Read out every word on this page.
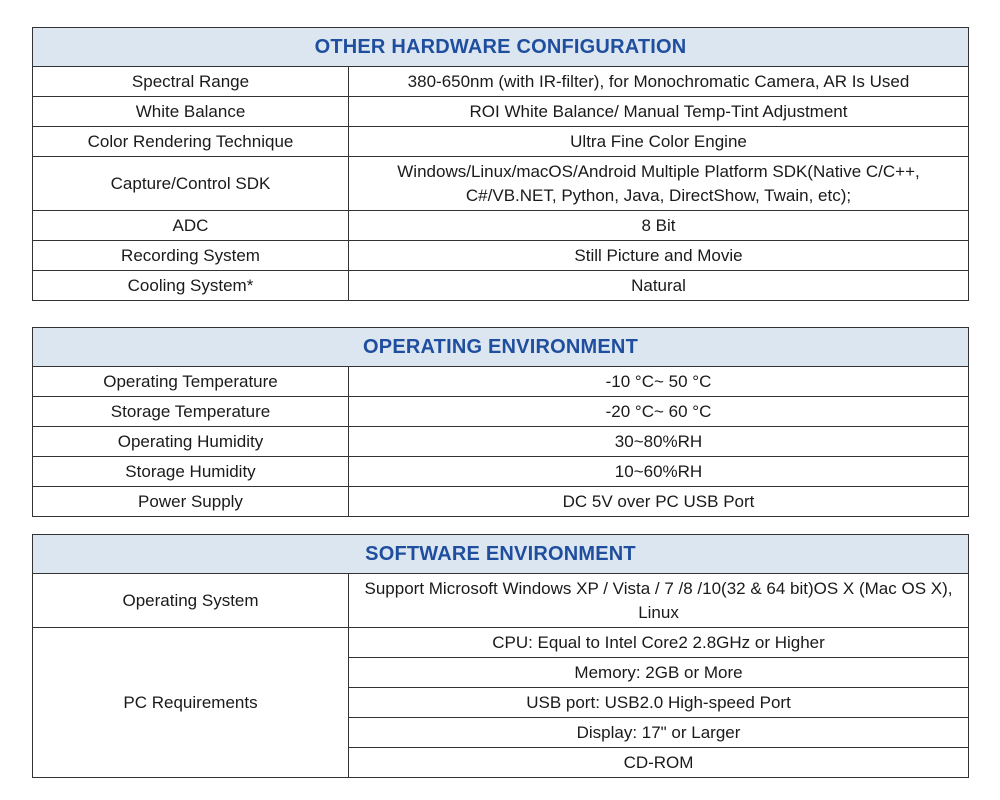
OTHER HARDWARE CONFIGURATION	
Spectral Range	380-650nm (with IR-filter), for Monochromatic Camera, AR Is Used
White Balance	ROI White Balance/ Manual Temp-Tint Adjustment
Color Rendering Technique	Ultra Fine Color Engine
Capture/Control SDK	Windows/Linux/macOS/Android Multiple Platform SDK(Native C/C++, C#/VB.NET, Python, Java, DirectShow, Twain, etc);
ADC	8 Bit
Recording System	Still Picture and Movie
Cooling System*	Natural
OPERATING ENVIRONMENT	
Operating Temperature	-10 °C~ 50 °C
Storage Temperature	-20 °C~ 60 °C
Operating Humidity	30~80%RH
Storage Humidity	10~60%RH
Power Supply	DC 5V over PC USB Port
SOFTWARE ENVIRONMENT	
Operating System	Support Microsoft Windows XP / Vista / 7 /8 /10(32 & 64 bit)OS X (Mac OS X), Linux
PC Requirements	CPU: Equal to Intel Core2 2.8GHz or Higher
	Memory: 2GB or More
	USB port: USB2.0 High-speed Port
	Display: 17" or Larger
	CD-ROM
